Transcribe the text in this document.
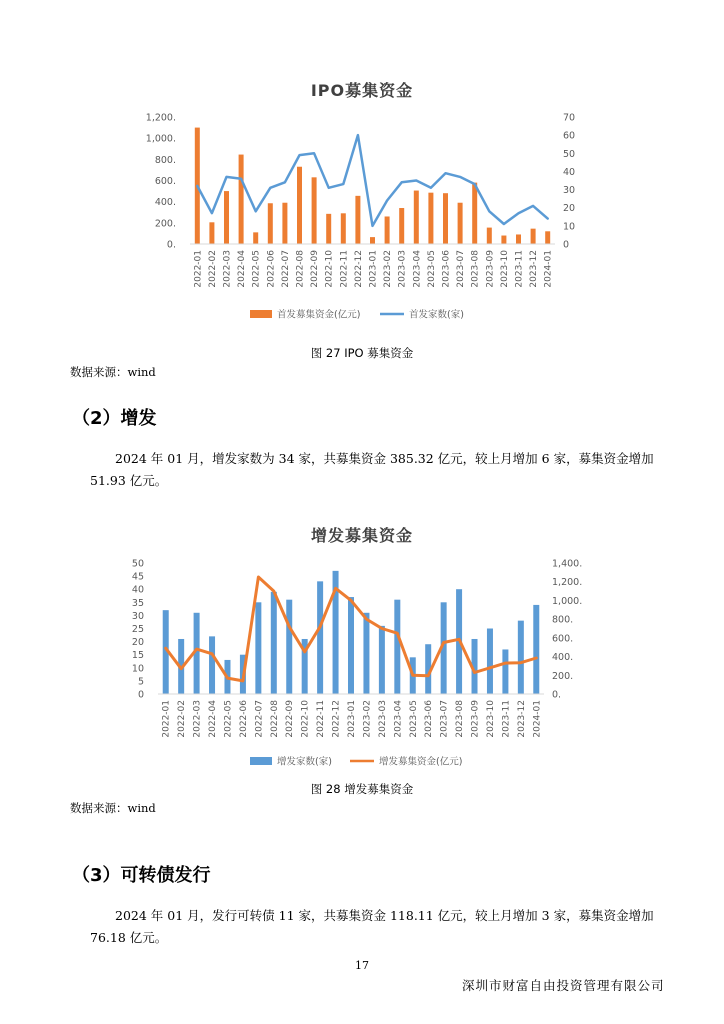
IPO募集资金
0.
200.
400.
600.
800.
1,000.
1,200.
0
10
20
30
40
50
60
70
2022-01 2022-02 2022-03 2022-04 2022-05 2022-06 2022-07 2022-08 2022-09 2022-10 2022-11 2022-12 2023-01 2023-02 2023-03 2023-04 2023-05 2023-06 2023-07 2023-08 2023-09 2023-10 2023-11 2023-12 2024-01
首发募集资金(亿元)	首发家数(家)
图 27 IPO 募集资金
数据来源：wind
（2）增发
2024 年 01 月，增发家数为 34 家，共募集资金 385.32 亿元，较上月增加 6 家，募集资金增加 51.93 亿元。
增发募集资金
0
5
10
15
20
25
30
35
40
45
50
0.
200.
400.
600.
800.
1,000.
1,200.
1,400.
2022-01 2022-02 2022-03 2022-04 2022-05 2022-06 2022-07 2022-08 2022-09 2022-10 2022-11 2022-12 2023-01 2023-02 2023-03 2023-04 2023-05 2023-06 2023-07 2023-08 2023-09 2023-10 2023-11 2023-12 2024-01
增发家数(家)	增发募集资金(亿元)
图 28 增发募集资金
数据来源：wind
（3）可转债发行
2024 年 01 月，发行可转债 11 家，共募集资金 118.11 亿元，较上月增加 3 家，募集资金增加 76.18 亿元。
17
深圳市财富自由投资管理有限公司
